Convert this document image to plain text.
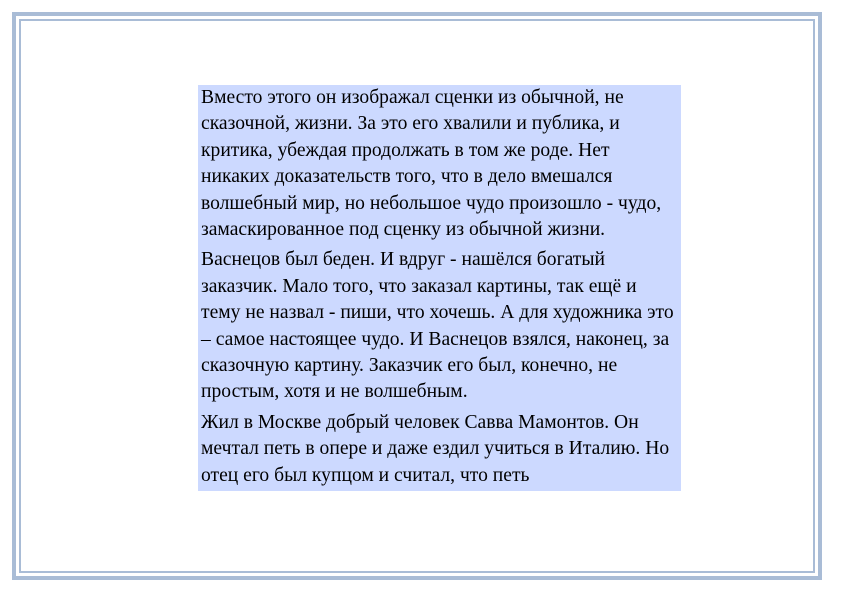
Вместо этого он изображал сценки из обычной, не сказочной, жизни. За это его хвалили и публика, и критика, убеждая продолжать в том же роде. Нет никаких доказательств того, что в дело вмешался волшебный мир, но небольшое чудо произошло - чудо, замаскированное под сценку из обычной жизни.

Васнецов был беден. И вдруг - нашёлся богатый заказчик. Мало того, что заказал картины, так ещё и тему не назвал - пиши, что хочешь. А для художника это – самое настоящее чудо. И Васнецов взялся, наконец, за сказочную картину. Заказчик его был, конечно, не простым, хотя и не волшебным.

Жил в Москве добрый человек Савва Мамонтов. Он мечтал петь в опере и даже ездил учиться в Италию. Но отец его был купцом и считал, что петь
